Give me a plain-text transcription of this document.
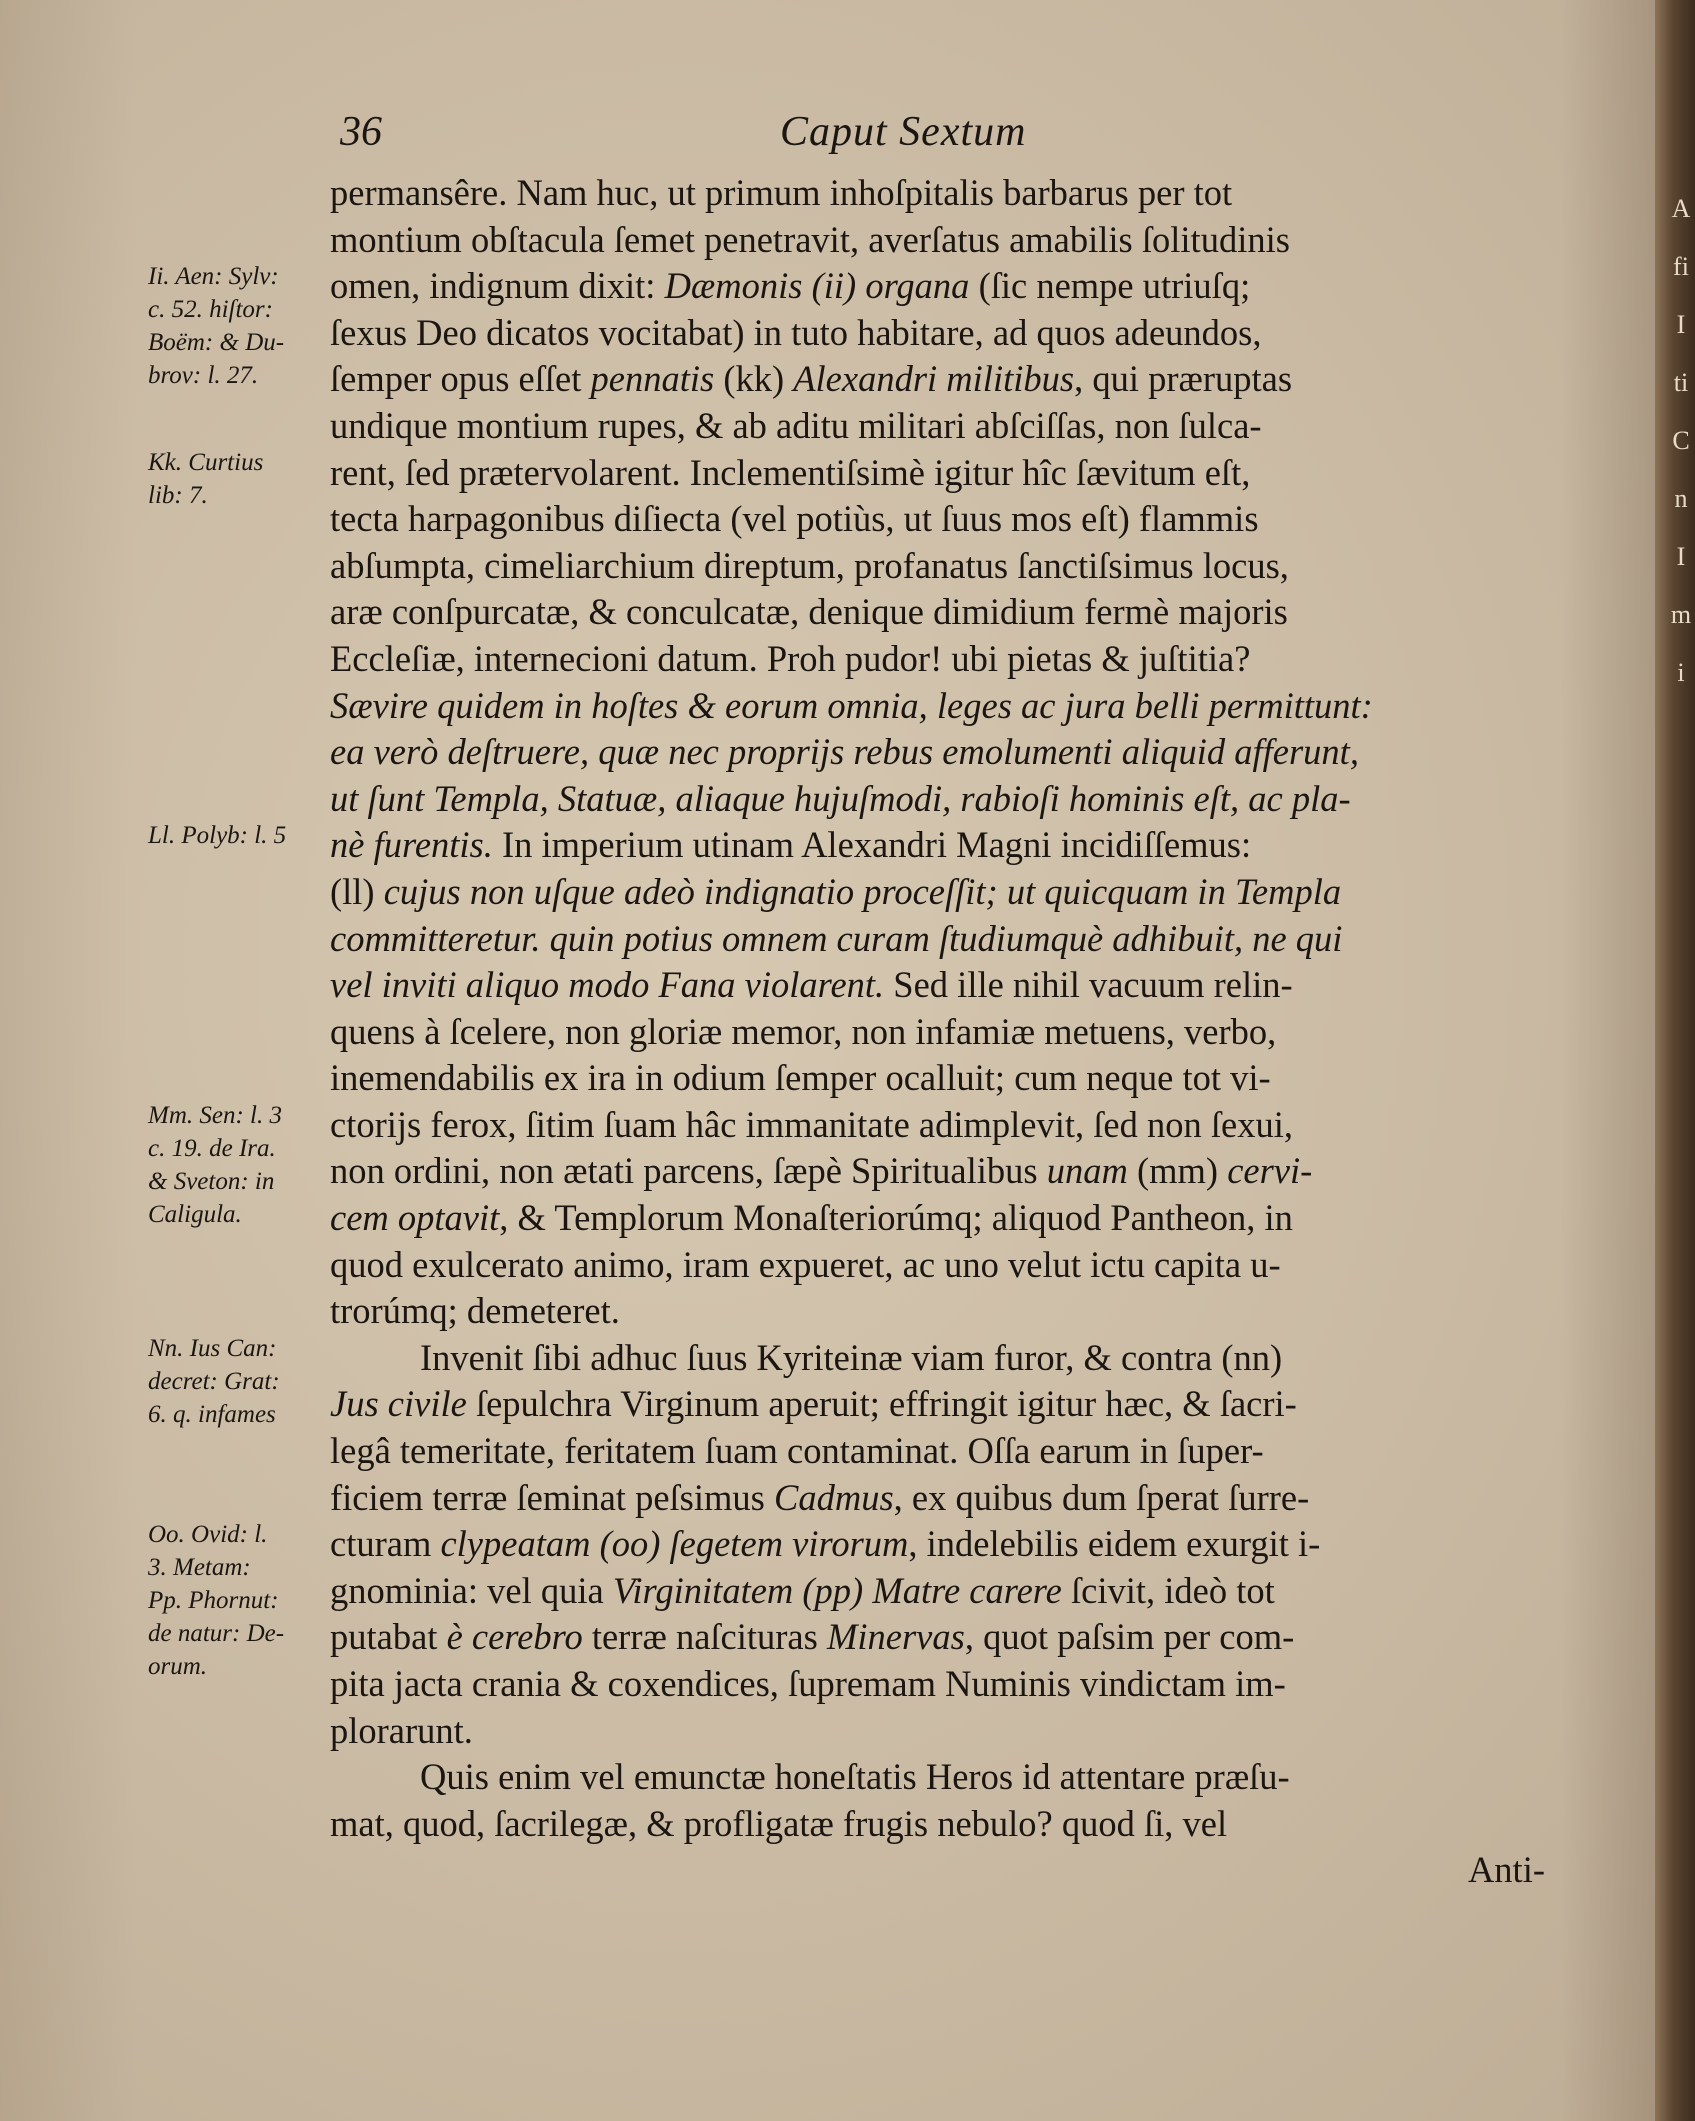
A
fi
I
ti
C
n
I
m
i
36	Caput Sextum
Ii. Aen: Sylv:
c. 52. hiſtor:
Boëm: & Du-
brov: l. 27.
Kk. Curtius
lib: 7.
Ll. Polyb: l. 5
Mm. Sen: l. 3
c. 19. de Ira.
& Sveton: in
Caligula.
Nn. Ius Can:
decret: Grat:
6. q. infames
Oo. Ovid: l.
3. Metam:
Pp. Phornut:
de natur: De-
orum.
permansêre. Nam huc, ut primum inhoſpitalis barbarus per tot
montium obſtacula ſemet penetravit, averſatus amabilis ſolitudinis
omen, indignum dixit: Dæmonis (ii) organa (ſic nempe utriuſq;
ſexus Deo dicatos vocitabat) in tuto habitare, ad quos adeundos,
ſemper opus eſſet pennatis (kk) Alexandri militibus, qui præruptas
undique montium rupes, & ab aditu militari abſciſſas, non ſulca-
rent, ſed prætervolarent. Inclementiſsimè igitur hîc ſævitum eſt,
tecta harpagonibus diſiecta (vel potiùs, ut ſuus mos eſt) flammis
abſumpta, cimeliarchium direptum, profanatus ſanctiſsimus locus,
aræ conſpurcatæ, & conculcatæ, denique dimidium fermè majoris
Eccleſiæ, internecioni datum. Proh pudor! ubi pietas & juſtitia?
Sævire quidem in hoſtes & eorum omnia, leges ac jura belli permittunt:
ea verò deſtruere, quæ nec proprijs rebus emolumenti aliquid afferunt,
ut ſunt Templa, Statuæ, aliaque hujuſmodi, rabioſi hominis eſt, ac pla-
nè furentis. In imperium utinam Alexandri Magni incidiſſemus:
(ll) cujus non uſque adeò indignatio proceſſit; ut quicquam in Templa
committeretur. quin potius omnem curam ſtudiumquè adhibuit, ne qui
vel inviti aliquo modo Fana violarent. Sed ille nihil vacuum relin-
quens à ſcelere, non gloriæ memor, non infamiæ metuens, verbo,
inemendabilis ex ira in odium ſemper ocalluit; cum neque tot vi-
ctorijs ferox, ſitim ſuam hâc immanitate adimplevit, ſed non ſexui,
non ordini, non ætati parcens, ſæpè Spiritualibus unam (mm) cervi-
cem optavit, & Templorum Monaſteriorúmq; aliquod Pantheon, in
quod exulcerato animo, iram expueret, ac uno velut ictu capita u-
trorúmq; demeteret.
Invenit ſibi adhuc ſuus Kyriteinæ viam furor, & contra (nn)
Jus civile ſepulchra Virginum aperuit; effringit igitur hæc, & ſacri-
legâ temeritate, feritatem ſuam contaminat. Oſſa earum in ſuper-
ficiem terræ ſeminat peſsimus Cadmus, ex quibus dum ſperat ſurre-
cturam clypeatam (oo) ſegetem virorum, indelebilis eidem exurgit i-
gnominia: vel quia Virginitatem (pp) Matre carere ſcivit, ideò tot
putabat è cerebro terræ naſcituras Minervas, quot paſsim per com-
pita jacta crania & coxendices, ſupremam Numinis vindictam im-
plorarunt.
Quis enim vel emunctæ honeſtatis Heros id attentare præſu-
mat, quod, ſacrilegæ, & profligatæ frugis nebulo? quod ſi, vel
Anti-
